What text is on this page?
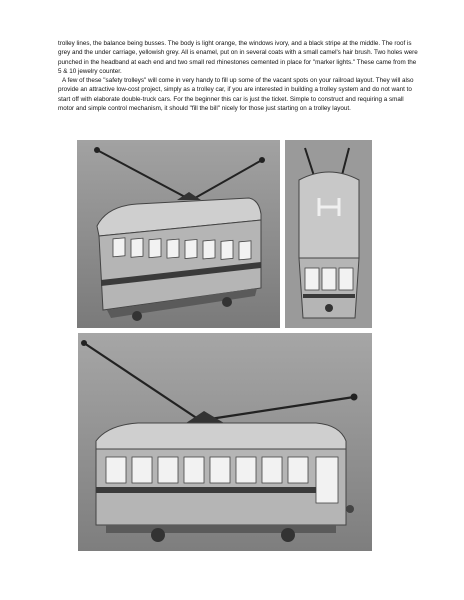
trolley lines, the balance being busses. The body is light orange, the windows ivory, and a black stripe at the middle. The roof is grey and the under carriage, yellowish grey. All is enamel, put on in several coats with a small camel's hair brush. Two holes were punched in the headband at each end and two small red rhinestones cemented in place for "marker lights." These came from the 5 & 10 jewelry counter.

A few of these "safety trolleys" will come in very handy to fill up some of the vacant spots on your railroad layout. They will also provide an attractive low-cost project, simply as a trolley car, if you are interested in building a trolley system and do not want to start off with elaborate double-truck cars. For the beginner this car is just the ticket. Simple to construct and requiring a small motor and simple control mechanism, it should "fill the bill" nicely for those just starting on a trolley layout.
